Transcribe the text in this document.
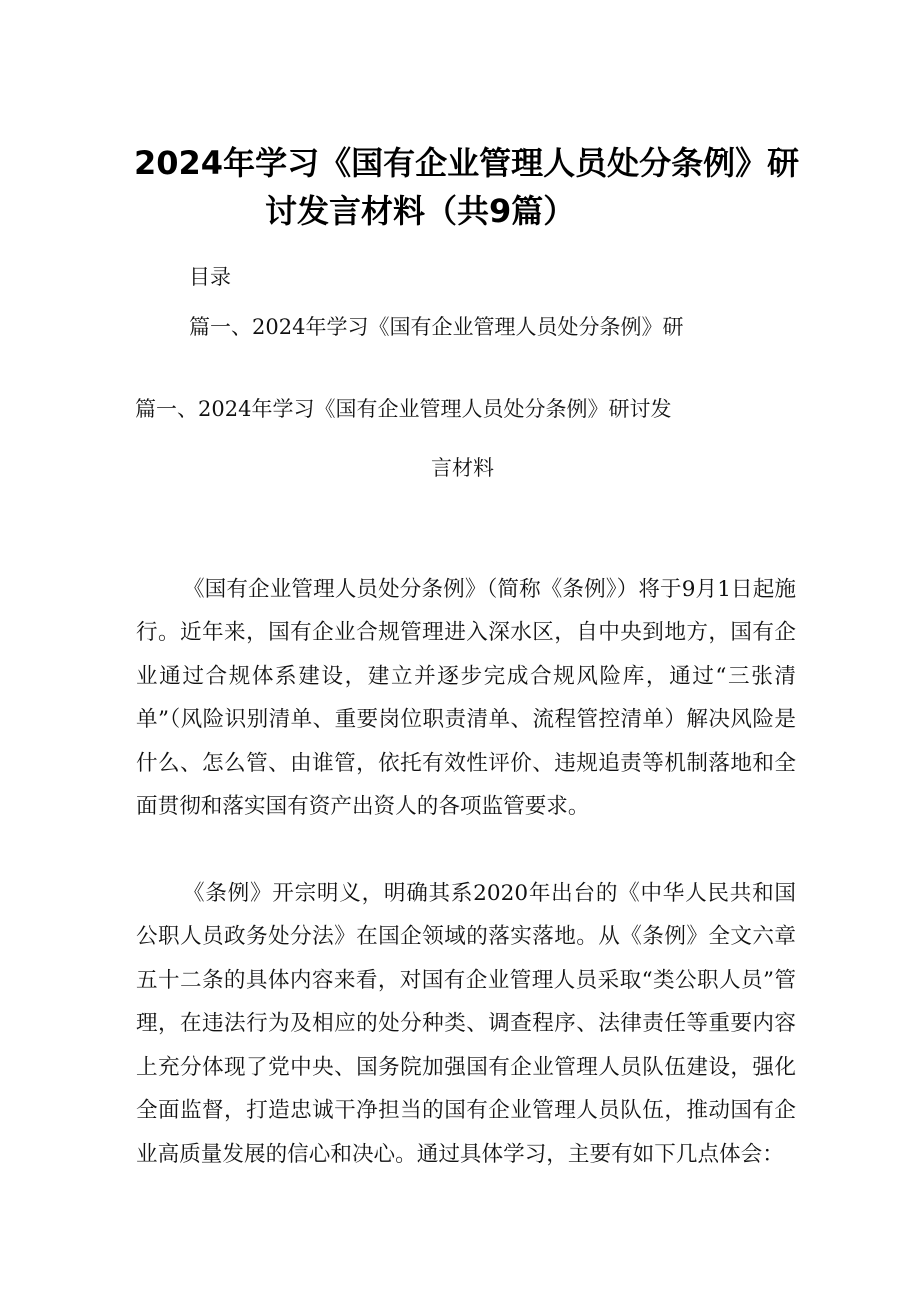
2024年学习《国有企业管理人员处分条例》研
讨发言材料（共9篇）
目录
篇一、2024年学习《国有企业管理人员处分条例》研
篇一、2024年学习《国有企业管理人员处分条例》研讨发
言材料

《国有企业管理人员处分条例》（简称《条例》）将于9月1日起施行。近年来，国有企业合规管理进入深水区，自中央到地方，国有企业通过合规体系建设，建立并逐步完成合规风险库，通过“三张清单”（风险识别清单、重要岗位职责清单、流程管控清单）解决风险是什么、怎么管、由谁管，依托有效性评价、违规追责等机制落地和全面贯彻和落实国有资产出资人的各项监管要求。

《条例》开宗明义，明确其系2020年出台的《中华人民共和国公职人员政务处分法》在国企领域的落实落地。从《条例》全文六章五十二条的具体内容来看，对国有企业管理人员采取“类公职人员”管理，在违法行为及相应的处分种类、调查程序、法律责任等重要内容上充分体现了党中央、国务院加强国有企业管理人员队伍建设，强化全面监督，打造忠诚干净担当的国有企业管理人员队伍，推动国有企业高质量发展的信心和决心。通过具体学习，主要有如下几点体会：
